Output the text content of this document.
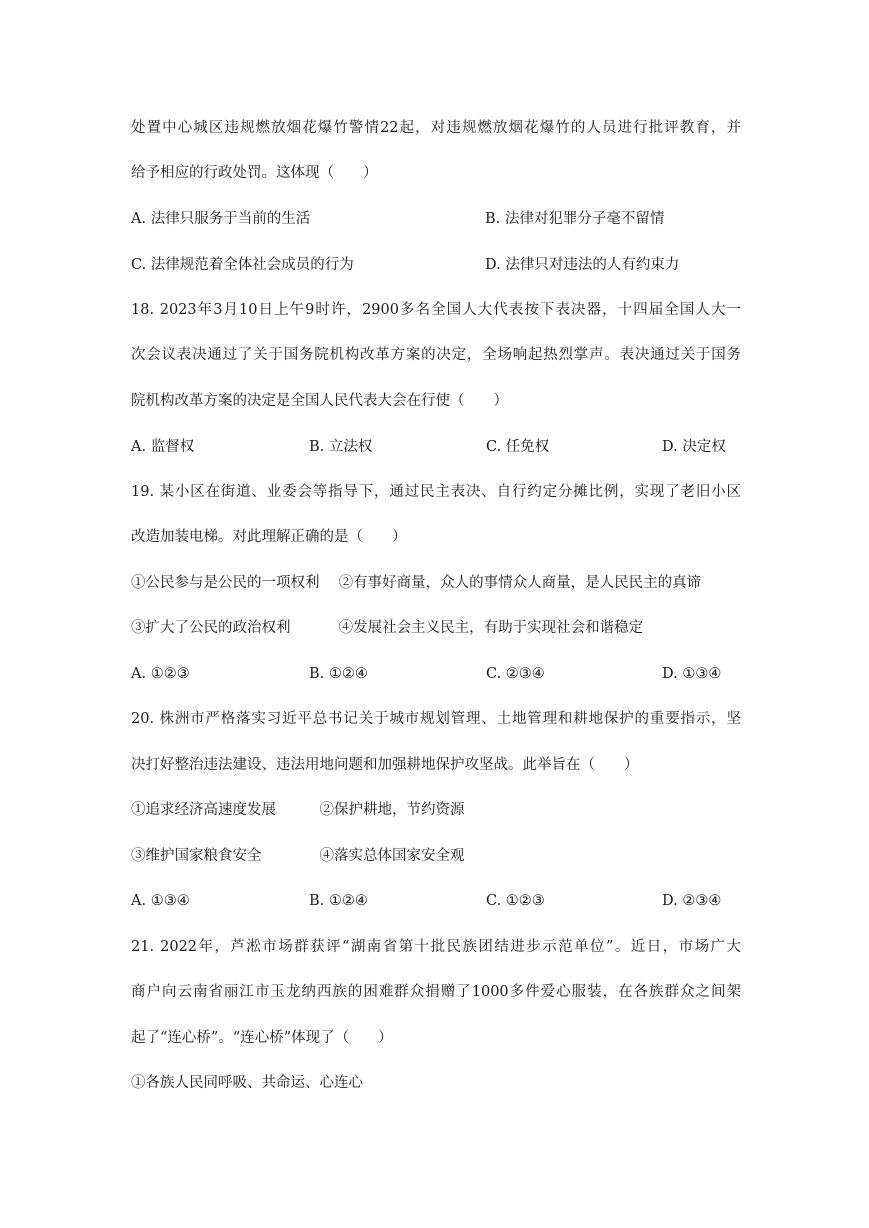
处置中心城区违规燃放烟花爆竹警情22起，对违规燃放烟花爆竹的人员进行批评教育，并
给予相应的行政处罚。这体现（　　）
A. 法律只服务于当前的生活	B. 法律对犯罪分子毫不留情
C. 法律规范着全体社会成员的行为	D. 法律只对违法的人有约束力
18. 2023年3月10日上午9时许，2900多名全国人大代表按下表决器，十四届全国人大一
次会议表决通过了关于国务院机构改革方案的决定，全场响起热烈掌声。表决通过关于国务
院机构改革方案的决定是全国人民代表大会在行使（　　）
A. 监督权	B. 立法权	C. 任免权	D. 决定权
19. 某小区在街道、业委会等指导下，通过民主表决、自行约定分摊比例，实现了老旧小区
改造加装电梯。对此理解正确的是（　　）
①公民参与是公民的一项权利　 ②有事好商量，众人的事情众人商量，是人民民主的真谛
③扩大了公民的政治权利　　　 ④发展社会主义民主，有助于实现社会和谐稳定
A. ①②③	B. ①②④	C. ②③④	D. ①③④
20. 株洲市严格落实习近平总书记关于城市规划管理、土地管理和耕地保护的重要指示，坚
决打好整治违法建设、违法用地问题和加强耕地保护攻坚战。此举旨在（　　）
①追求经济高速度发展　　　②保护耕地，节约资源
③维护国家粮食安全　　　　④落实总体国家安全观
A. ①③④	B. ①②④	C. ①②③	D. ②③④
21. 2022年，芦淞市场群获评“湖南省第十批民族团结进步示范单位”。近日，市场广大
商户向云南省丽江市玉龙纳西族的困难群众捐赠了1000多件爱心服装，在各族群众之间架
起了“连心桥”。“连心桥”体现了（　　）
①各族人民同呼吸、共命运、心连心
